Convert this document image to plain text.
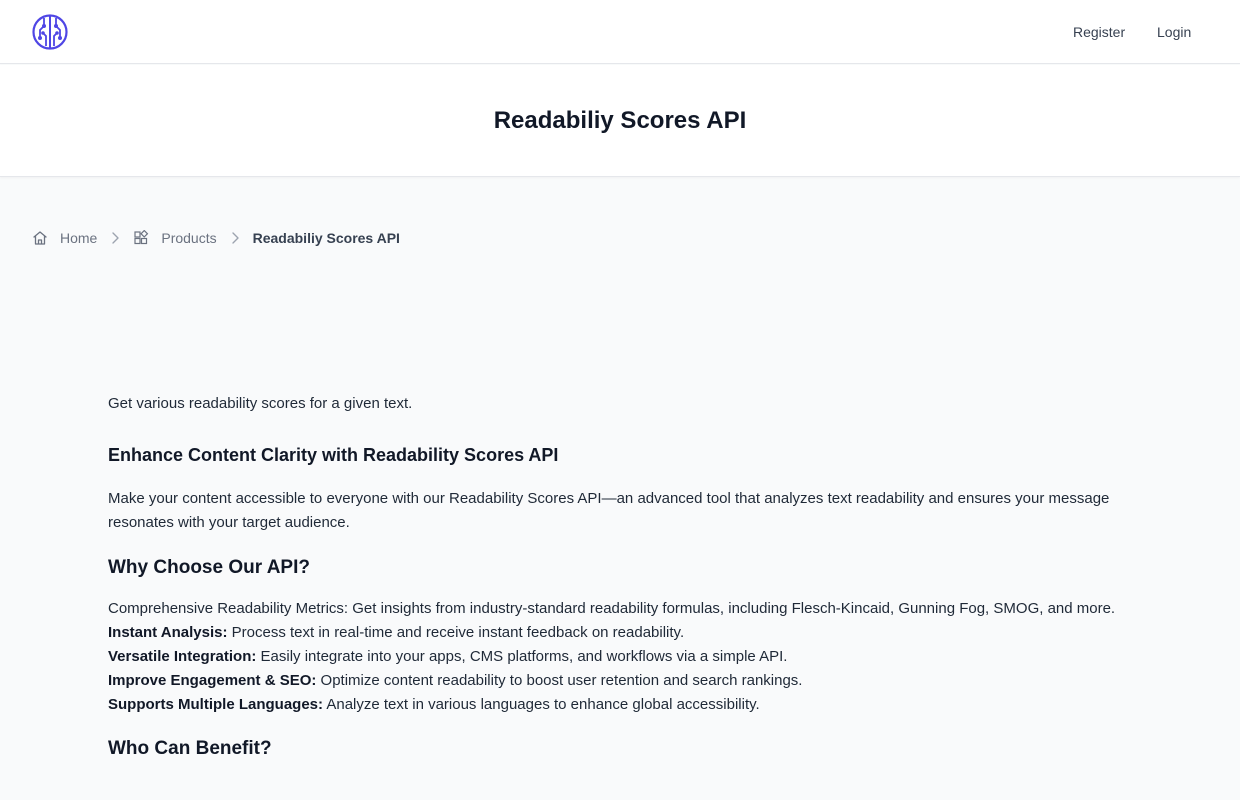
Register Login
Readabiliy Scores API
Home	Products	Readabiliy Scores API

Get various readability scores for a given text.

Enhance Content Clarity with Readability Scores API

Make your content accessible to everyone with our Readability Scores API—an advanced tool that analyzes text readability and ensures your message resonates with your target audience.

Why Choose Our API?

Comprehensive Readability Metrics: Get insights from industry-standard readability formulas, including Flesch-Kincaid, Gunning Fog, SMOG, and more.

Instant Analysis: Process text in real-time and receive instant feedback on readability.

Versatile Integration: Easily integrate into your apps, CMS platforms, and workflows via a simple API.

Improve Engagement & SEO: Optimize content readability to boost user retention and search rankings.

Supports Multiple Languages: Analyze text in various languages to enhance global accessibility.

Who Can Benefit?
